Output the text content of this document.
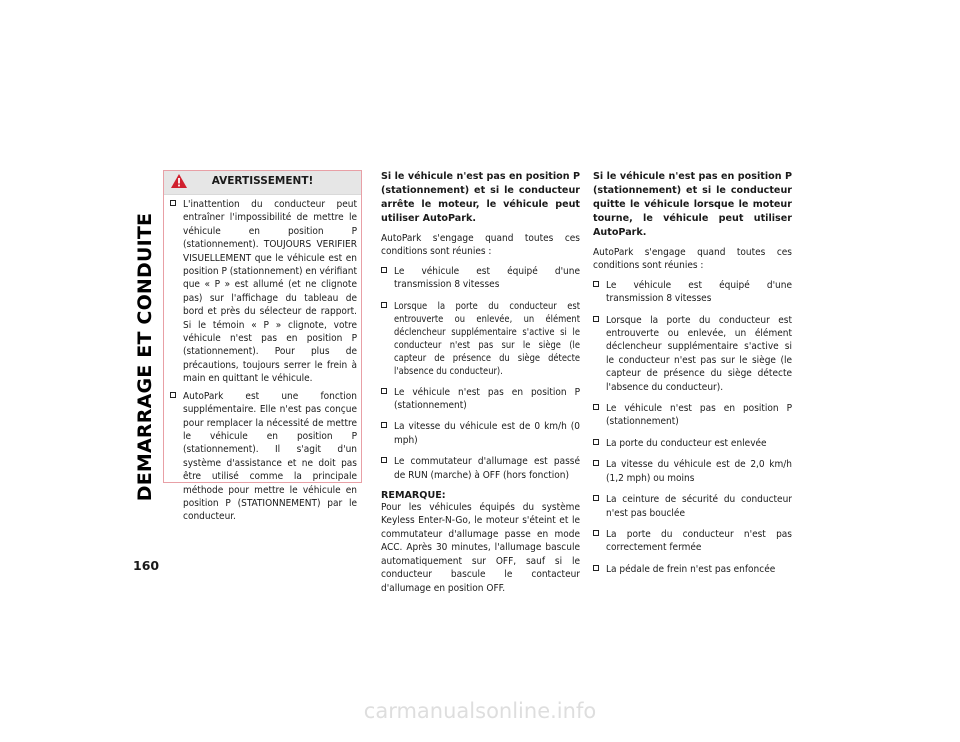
DEMARRAGE ET CONDUITE
160
AVERTISSEMENT!
L'inattention du conducteur peut entraîner l'impossibilité de mettre le véhicule en position P (stationnement). TOUJOURS VERIFIER VISUELLEMENT que le véhicule est en position P (stationnement) en vérifiant que « P » est allumé (et ne clignote pas) sur l'affichage du tableau de bord et près du sélecteur de rapport. Si le témoin « P » clignote, votre véhicule n'est pas en position P (stationnement). Pour plus de précautions, toujours serrer le frein à main en quittant le véhicule.
AutoPark est une fonction supplémentaire. Elle n'est pas conçue pour remplacer la nécessité de mettre le véhicule en position P (stationnement). Il s'agit d'un système d'assistance et ne doit pas être utilisé comme la principale méthode pour mettre le véhicule en position P (STATIONNEMENT) par le conducteur.

Si le véhicule n'est pas en position P (stationnement) et si le conducteur arrête le moteur, le véhicule peut utiliser AutoPark.

AutoPark s'engage quand toutes ces conditions sont réunies :

Le véhicule est équipé d'une transmission 8 vitesses
Lorsque la porte du conducteur est entrouverte ou enlevée, un élément déclencheur supplémentaire s'active si le conducteur n'est pas sur le siège (le capteur de présence du siège détecte l'absence du conducteur).
Le véhicule n'est pas en position P (stationnement)
La vitesse du véhicule est de 0 km/h (0 mph)
Le commutateur d'allumage est passé de RUN (marche) à OFF (hors fonction)

REMARQUE:

Pour les véhicules équipés du système Keyless Enter-N-Go, le moteur s'éteint et le commutateur d'allumage passe en mode ACC. Après 30 minutes, l'allumage bascule automatiquement sur OFF, sauf si le conducteur bascule le contacteur d'allumage en position OFF.

Si le véhicule n'est pas en position P (stationnement) et si le conducteur quitte le véhicule lorsque le moteur tourne, le véhicule peut utiliser AutoPark.

AutoPark s'engage quand toutes ces conditions sont réunies :

Le véhicule est équipé d'une transmission 8 vitesses
Lorsque la porte du conducteur est entrouverte ou enlevée, un élément déclencheur supplémentaire s'active si le conducteur n'est pas sur le siège (le capteur de présence du siège détecte l'absence du conducteur).
Le véhicule n'est pas en position P (stationnement)
La porte du conducteur est enlevée
La vitesse du véhicule est de 2,0 km/h (1,2 mph) ou moins
La ceinture de sécurité du conducteur n'est pas bouclée
La porte du conducteur n'est pas correctement fermée
La pédale de frein n'est pas enfoncée
carmanualsonline.info
